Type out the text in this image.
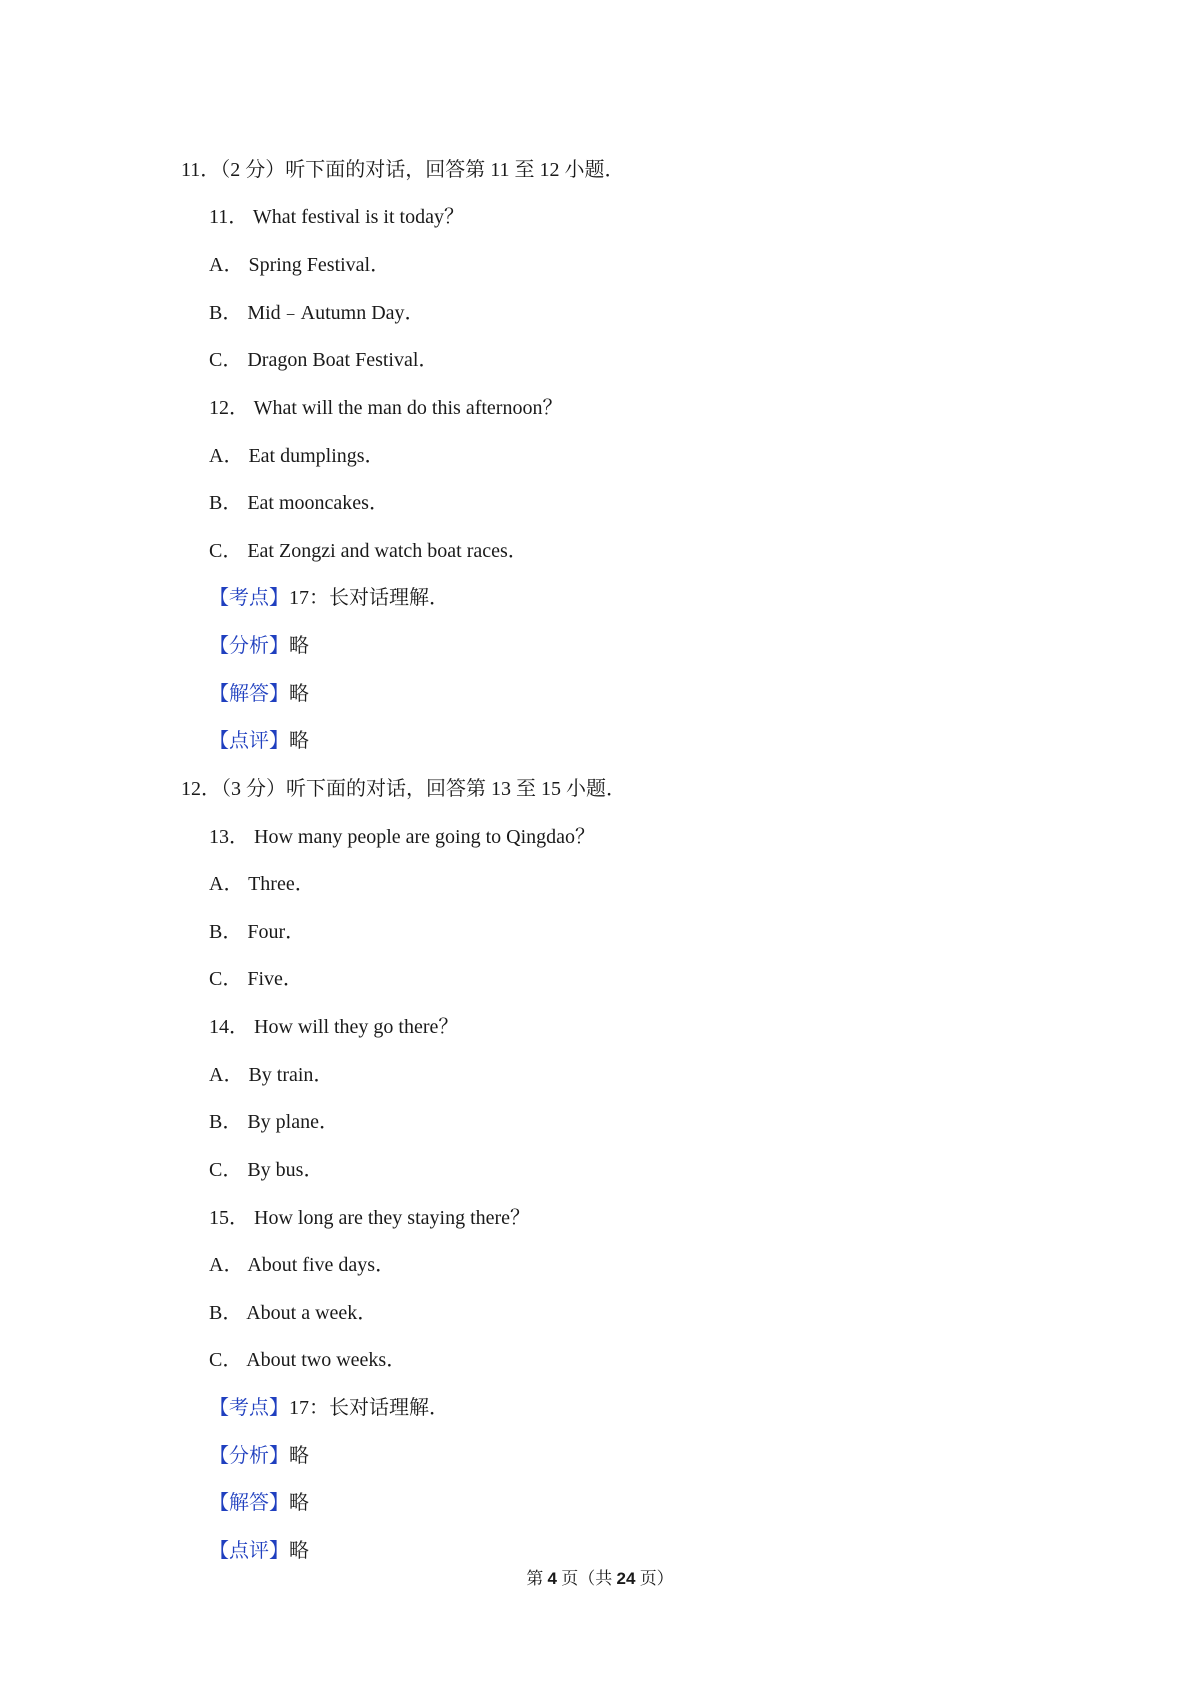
11．（2 分）听下面的对话，回答第 11 至 12 小题．
11． What festival is it today？
A． Spring Festival．
B． Mid﹣Autumn Day．
C． Dragon Boat Festival．
12． What will the man do this afternoon？
A． Eat dumplings．
B． Eat mooncakes．
C． Eat Zongzi and watch boat races．
【考点】17：长对话理解．
【分析】略
【解答】略
【点评】略
12．（3 分）听下面的对话，回答第 13 至 15 小题．
13． How many people are going to Qingdao？
A． Three．
B． Four．
C． Five．
14． How will they go there？
A． By train．
B． By plane．
C． By bus．
15． How long are they staying there？
A． About five days．
B． About a week．
C． About two weeks．
【考点】17：长对话理解．
【分析】略
【解答】略
【点评】略
第 4 页（共 24 页）
